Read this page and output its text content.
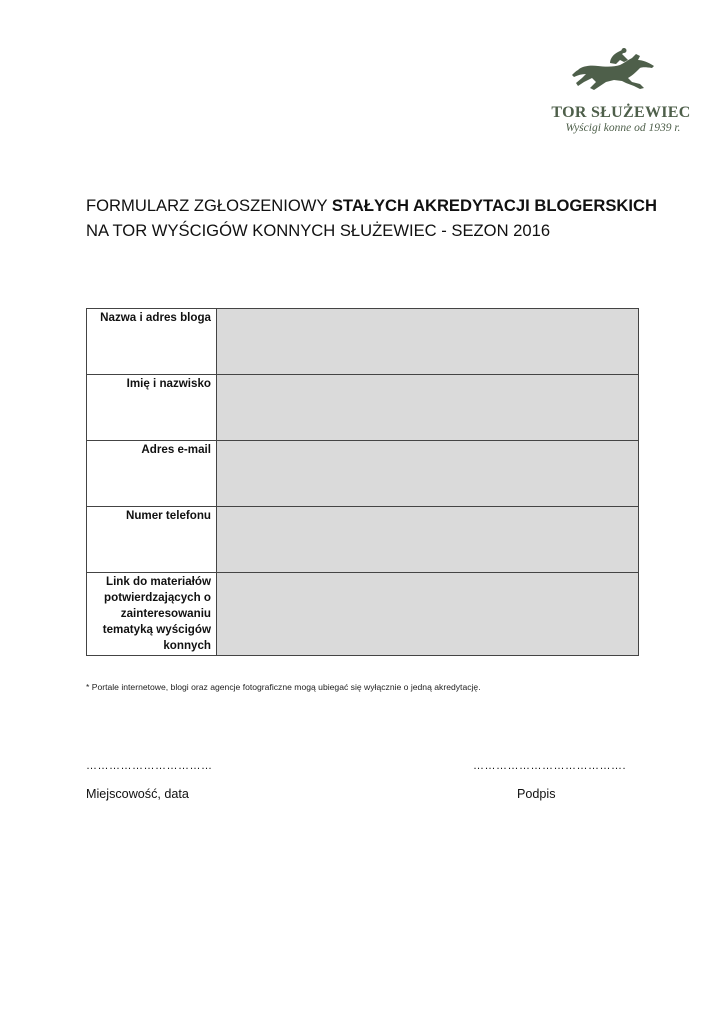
TOR SŁUŻEWIEC
Wyścigi konne od 1939 r.
FORMULARZ ZGŁOSZENIOWY STAŁYCH AKREDYTACJI BLOGERSKICH
NA TOR WYŚCIGÓW KONNYCH SŁUŻEWIEC - SEZON 2016
Nazwa i adres bloga	
Imię i nazwisko	
Adres e-mail	
Numer telefonu	
Link do materiałów potwierdzających o zainteresowaniu tematyką wyścigów konnych	
* Portale internetowe, blogi oraz agencje fotograficzne mogą ubiegać się wyłącznie o jedną akredytację.
……………………………	………………………………….
Miejscowość, data	Podpis
